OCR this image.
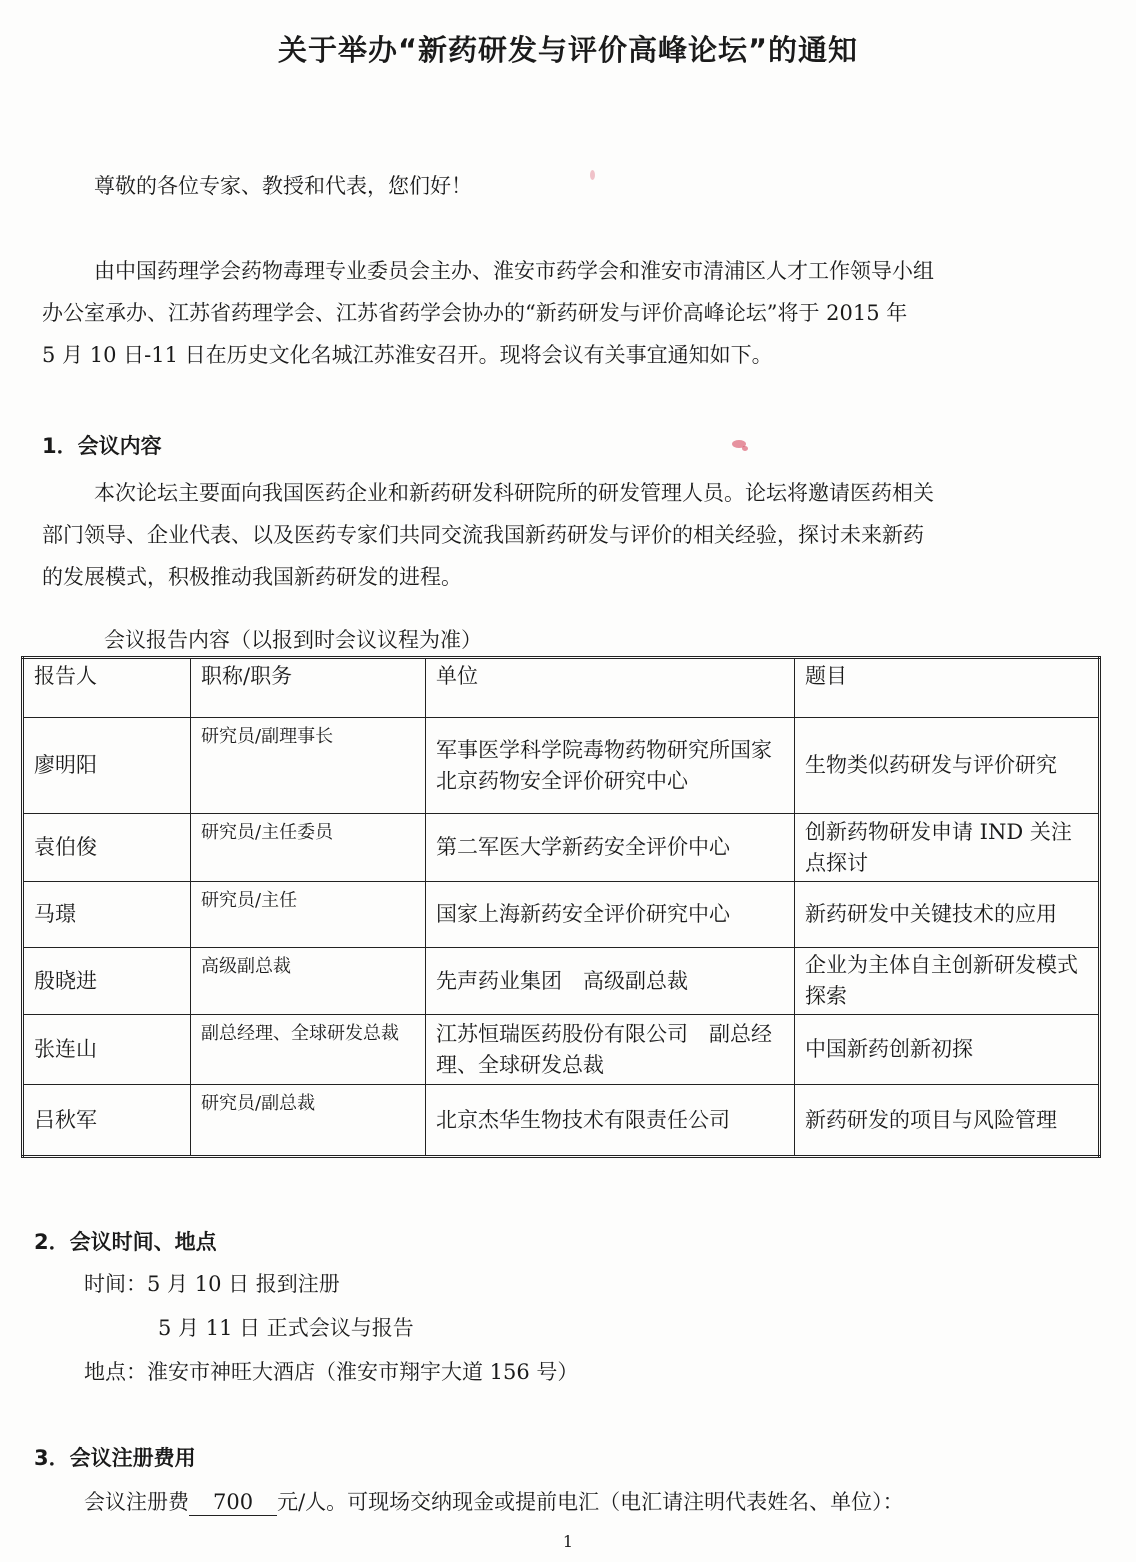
关于举办“新药研发与评价高峰论坛”的通知
尊敬的各位专家、教授和代表，您们好！
由中国药理学会药物毒理专业委员会主办、淮安市药学会和淮安市清浦区人才工作领导小组
办公室承办、江苏省药理学会、江苏省药学会协办的“新药研发与评价高峰论坛”将于 2015 年
5 月 10 日-11 日在历史文化名城江苏淮安召开。现将会议有关事宜通知如下。
1．会议内容
本次论坛主要面向我国医药企业和新药研发科研院所的研发管理人员。论坛将邀请医药相关
部门领导、企业代表、以及医药专家们共同交流我国新药研发与评价的相关经验，探讨未来新药
的发展模式，积极推动我国新药研发的进程。
会议报告内容（以报到时会议议程为准）
报告人	职称/职务	单位	题目
廖明阳	研究员/副理事长	军事医学科学院毒物药物研究所国家北京药物安全评价研究中心	生物类似药研发与评价研究
袁伯俊	研究员/主任委员	第二军医大学新药安全评价中心	创新药物研发申请 IND 关注点探讨
马璟	研究员/主任	国家上海新药安全评价研究中心	新药研发中关键技术的应用
殷晓进	高级副总裁	先声药业集团　高级副总裁	企业为主体自主创新研发模式探索
张连山	副总经理、全球研发总裁	江苏恒瑞医药股份有限公司　副总经理、全球研发总裁	中国新药创新初探
吕秋军	研究员/副总裁	北京杰华生物技术有限责任公司	新药研发的项目与风险管理
2．会议时间、地点
时间：5 月 10 日 报到注册
5 月 11 日 正式会议与报告
地点：淮安市神旺大酒店（淮安市翔宇大道 156 号）
3．会议注册费用
会议注册费 700 元/人。可现场交纳现金或提前电汇（电汇请注明代表姓名、单位）：
1
